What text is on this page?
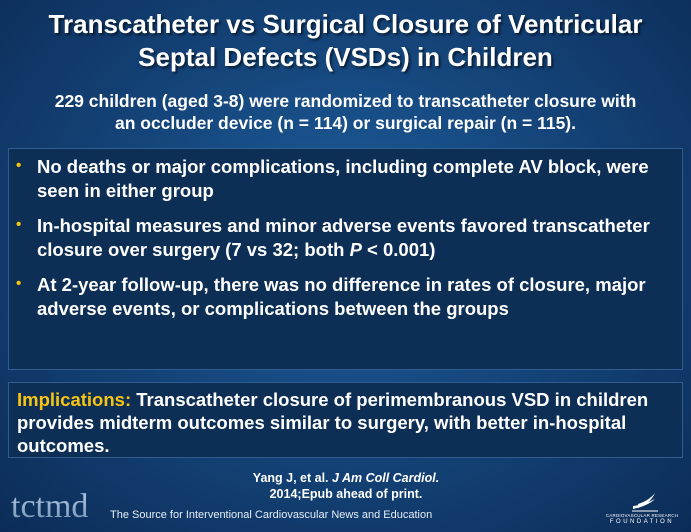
Transcatheter vs Surgical Closure of Ventricular
Septal Defects (VSDs) in Children
229 children (aged 3-8) were randomized to transcatheter closure with
an occluder device (n = 114) or surgical repair (n = 115).
• No deaths or major complications, including complete AV block, were seen in either group
• In-hospital measures and minor adverse events favored transcatheter closure over surgery (7 vs 32; both P < 0.001)
• At 2-year follow-up, there was no difference in rates of closure, major adverse events, or complications between the groups
Implications: Transcatheter closure of perimembranous VSD in children provides midterm outcomes similar to surgery, with better in-hospital outcomes.
Yang J, et al. J Am Coll Cardiol.
2014;Epub ahead of print.
tctmd The Source for Interventional Cardiovascular News and Education	CARDIOVASCULAR RESEARCH
FOUNDATION
